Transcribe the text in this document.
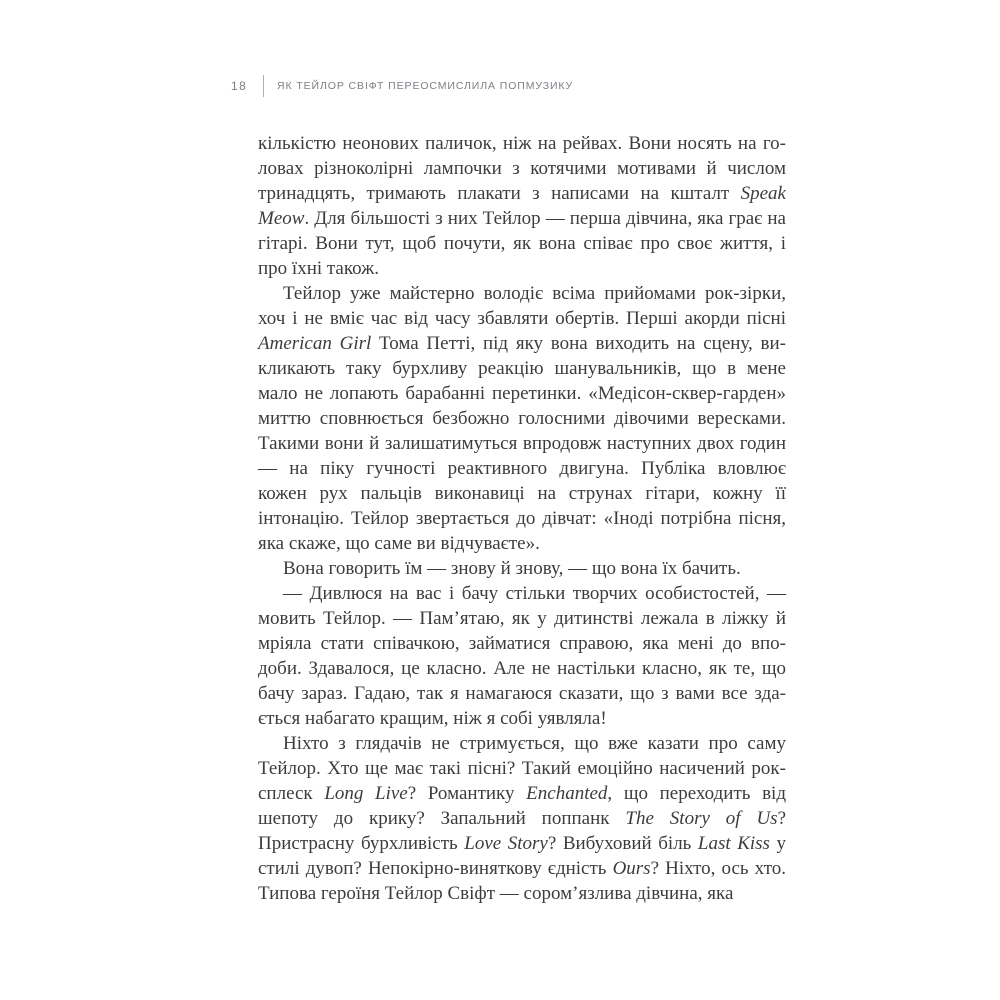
18	ЯК ТЕЙЛОР СВІФТ ПЕРЕОСМИСЛИЛА ПОПМУЗИКУ

кількістю неонових паличок, ніж на рейвах. Вони носять на головах різноколірні лампочки з котячими мотивами й числом тринадцять, тримають плакати з написами на кшталт Speak Meow. Для більшості з них Тейлор — перша дівчина, яка грає на гітарі. Вони тут, щоб почути, як вона співає про своє життя, і про їхні також.

Тейлор уже майстерно володіє всіма прийомами рок-зірки, хоч і не вміє час від часу збавляти обертів. Перші акорди пісні American Girl Тома Петті, під яку вона виходить на сцену, викликають таку бурхливу реакцію шанувальників, що в мене мало не лопають барабанні перетинки. «Медісон-сквер-гарден» миттю сповнюється безбожно голосними дівочими вересками. Такими вони й залишатимуться впродовж наступних двох годин — на піку гучності реактивного двигуна. Публіка вловлює кожен рух пальців виконавиці на струнах гітари, кожну її інтонацію. Тейлор звертається до дівчат: «Іноді потрібна пісня, яка скаже, що саме ви відчуваєте».

Вона говорить їм — знову й знову, — що вона їх бачить.

— Дивлюся на вас і бачу стільки творчих особистостей, — мовить Тейлор. — Пам’ятаю, як у дитинстві лежала в ліжку й мріяла стати співачкою, займатися справою, яка мені до вподоби. Здавалося, це класно. Але не настільки класно, як те, що бачу зараз. Гадаю, так я намагаюся сказати, що з вами все здається набагато кращим, ніж я собі уявляла!

Ніхто з глядачів не стримується, що вже казати про саму Тейлор. Хто ще має такі пісні? Такий емоційно насичений рок-сплеск Long Live? Романтику Enchanted, що переходить від шепоту до крику? Запальний поппанк The Story of Us? Пристрасну бурхливість Love Story? Вибуховий біль Last Kiss у стилі дувоп? Непокірно-виняткову єдність Ours? Ніхто, ось хто. Типова героїня Тейлор Свіфт — сором’язлива дівчина, яка
